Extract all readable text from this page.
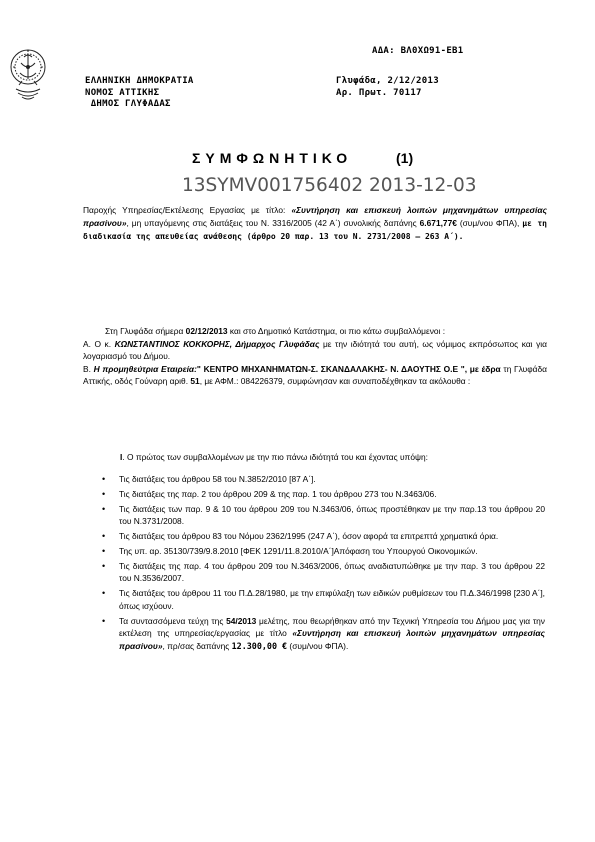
ΑΔΑ: ΒΛ0ΧΩ91-ΕΒ1
ΕΛΛΗΝΙΚΗ ΔΗΜΟΚΡΑΤΙΑ
ΝΟΜΟΣ ΑΤΤΙΚΗΣ
ΔΗΜΟΣ ΓΛΥΦΑΔΑΣ
Γλυφάδα, 2/12/2013
Αρ. Πρωτ. 70117
ΣΥΜΦΩΝΗΤΙΚΟ	(1)
13SYMV001756402 2013-12-03
Παροχής Υπηρεσίας/Εκτέλεσης Εργασίας με τίτλο: «Συντήρηση και επισκευή λοιπών μηχανημάτων υπηρεσίας πρασίνου», μη υπαγόμενης στις διατάξεις του Ν. 3316/2005 (42 Α΄) συνολικής δαπάνης 6.671,77€ (συμ/νου ΦΠΑ), με τη διαδικασία της απευθείας ανάθεσης (άρθρο 20 παρ. 13 του Ν. 2731/2008 – 263 Α΄).
Στη Γλυφάδα σήμερα 02/12/2013 και στο Δημοτικό Κατάστημα, οι πιο κάτω συμβαλλόμενοι :
Α. Ο κ. ΚΩΝΣΤΑΝΤΙΝΟΣ ΚΟΚΚΟΡΗΣ, Δήμαρχος Γλυφάδας με την ιδιότητά του αυτή, ως νόμιμος εκπρόσωπος και για λογαριασμό του Δήμου.
Β. Η προμηθεύτρια Εταιρεία:" ΚΕΝΤΡΟ ΜΗΧΑΝΗΜΑΤΩΝ-Σ. ΣΚΑΝΔΑΛΑΚΗΣ- Ν. ΔΑΟΥΤΗΣ Ο.Ε ", με έδρα τη Γλυφάδα Αττικής, οδός Γούναρη αριθ. 51, με ΑΦΜ.: 084226379, συμφώνησαν και συναποδέχθηκαν τα ακόλουθα :
Ι. Ο πρώτος των συμβαλλομένων με την πιο πάνω ιδιότητά του και έχοντας υπόψη:
• Τις διατάξεις του άρθρου 58 του Ν.3852/2010 [87 Α΄].
• Τις διατάξεις της παρ. 2 του άρθρου 209 & της παρ. 1 του άρθρου 273 του Ν.3463/06.
• Τις διατάξεις των παρ. 9 & 10 του άρθρου 209 του Ν.3463/06, όπως προστέθηκαν με την παρ.13 του άρθρου 20 του Ν.3731/2008.
• Τις διατάξεις του άρθρου 83 του Νόμου 2362/1995 (247 Α΄), όσον αφορά τα επιτρεπτά χρηματικά όρια.
• Της υπ. αρ. 35130/739/9.8.2010 [ΦΕΚ 1291/11.8.2010/Α΄]Απόφαση του Υπουργού Οικονομικών.
• Τις διατάξεις της παρ. 4 του άρθρου 209 του Ν.3463/2006, όπως αναδιατυπώθηκε με την παρ. 3 του άρθρου 22 του Ν.3536/2007.
• Τις διατάξεις του άρθρου 11 του Π.Δ.28/1980, με την επιφύλαξη των ειδικών ρυθμίσεων του Π.Δ.346/1998 [230 Α΄], όπως ισχύουν.
• Τα συντασσόμενα τεύχη της 54/2013 μελέτης, που θεωρήθηκαν από την Τεχνική Υπηρεσία του Δήμου μας για την εκτέλεση της υπηρεσίας/εργασίας με τίτλο «Συντήρηση και επισκευή λοιπών μηχανημάτων υπηρεσίας πρασίνου», πρ/σας δαπάνης 12.300,00 € (συμ/νου ΦΠΑ).
